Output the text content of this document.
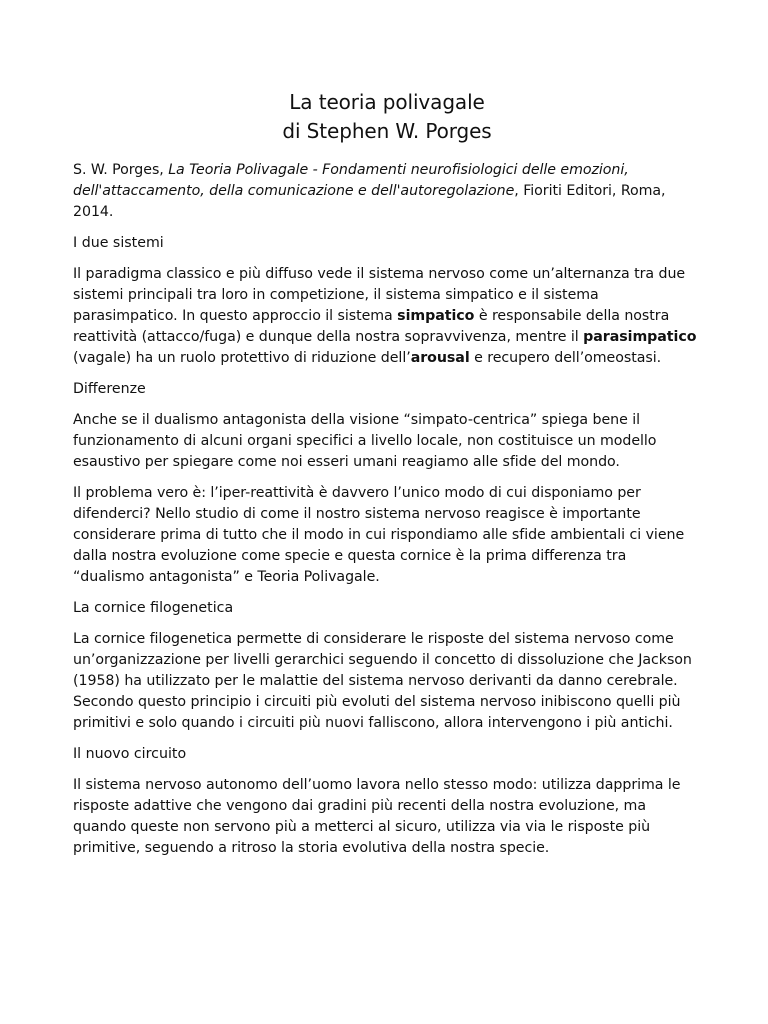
La teoria polivagale
di Stephen W. Porges

S. W. Porges, La Teoria Polivagale - Fondamenti neurofisiologici delle emozioni, dell'attaccamento, della comunicazione e dell'autoregolazione, Fioriti Editori, Roma, 2014.

I due sistemi

Il paradigma classico e più diffuso vede il sistema nervoso come un’alternanza tra due sistemi principali tra loro in competizione, il sistema simpatico e il sistema parasimpatico. In questo approccio il sistema simpatico è responsabile della nostra reattività (attacco/fuga) e dunque della nostra sopravvivenza, mentre il parasimpatico (vagale) ha un ruolo protettivo di riduzione dell’arousal e recupero dell’omeostasi.

Differenze

Anche se il dualismo antagonista della visione “simpato-centrica” spiega bene il funzionamento di alcuni organi specifici a livello locale, non costituisce un modello esaustivo per spiegare come noi esseri umani reagiamo alle sfide del mondo.

Il problema vero è: l’iper-reattività è davvero l’unico modo di cui disponiamo per difenderci? Nello studio di come il nostro sistema nervoso reagisce è importante considerare prima di tutto che il modo in cui rispondiamo alle sfide ambientali ci viene dalla nostra evoluzione come specie e questa cornice è la prima differenza tra “dualismo antagonista” e Teoria Polivagale.

La cornice filogenetica

La cornice filogenetica permette di considerare le risposte del sistema nervoso come un’organizzazione per livelli gerarchici seguendo il concetto di dissoluzione che Jackson (1958) ha utilizzato per le malattie del sistema nervoso derivanti da danno cerebrale. Secondo questo principio i circuiti più evoluti del sistema nervoso inibiscono quelli più primitivi e solo quando i circuiti più nuovi falliscono, allora intervengono i più antichi.

Il nuovo circuito

Il sistema nervoso autonomo dell’uomo lavora nello stesso modo: utilizza dapprima le risposte adattive che vengono dai gradini più recenti della nostra evoluzione, ma quando queste non servono più a metterci al sicuro, utilizza via via le risposte più primitive, seguendo a ritroso la storia evolutiva della nostra specie.
